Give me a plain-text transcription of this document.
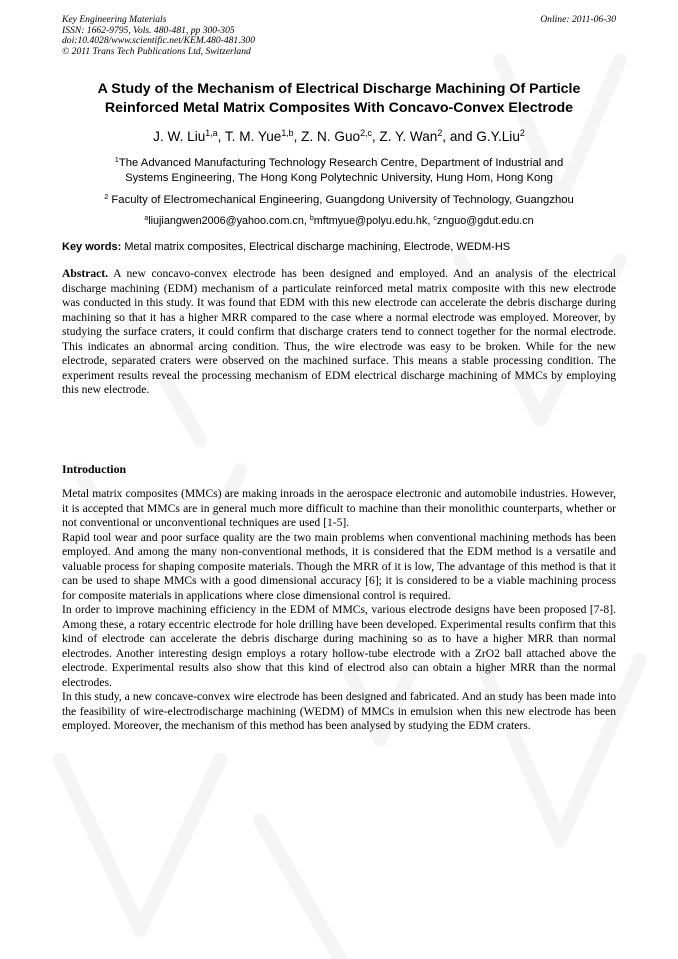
Key Engineering Materials
ISSN: 1662-9795, Vols. 480-481, pp 300-305
doi:10.4028/www.scientific.net/KEM.480-481.300
© 2011 Trans Tech Publications Ltd, Switzerland
Online: 2011-06-30
A Study of the Mechanism of Electrical Discharge Machining Of Particle
Reinforced Metal Matrix Composites With Concavo-Convex Electrode
J. W. Liu$^{1,a}$, T. M. Yue$^{1,b}$, Z. N. Guo$^{2,c}$, Z. Y. Wan$^2$, and G.Y.Liu$^2$
$^1$The Advanced Manufacturing Technology Research Centre, Department of Industrial and
Systems Engineering, The Hong Kong Polytechnic University, Hung Hom, Hong Kong
$^2$ Faculty of Electromechanical Engineering, Guangdong University of Technology, Guangzhou
$^a$liujiangwen2006@yahoo.com.cn, $^b$mftmyue@polyu.edu.hk, $^c$znguo@gdut.edu.cn
Key words: Metal matrix composites, Electrical discharge machining, Electrode, WEDM-HS

Abstract. A new concavo-convex electrode has been designed and employed. And an analysis of the electrical discharge machining (EDM) mechanism of a particulate reinforced metal matrix composite with this new electrode was conducted in this study. It was found that EDM with this new electrode can accelerate the debris discharge during machining so that it has a higher MRR compared to the case where a normal electrode was employed. Moreover, by studying the surface craters, it could confirm that discharge craters tend to connect together for the normal electrode. This indicates an abnormal arcing condition. Thus, the wire electrode was easy to be broken. While for the new electrode, separated craters were observed on the machined surface. This means a stable processing condition. The experiment results reveal the processing mechanism of EDM electrical discharge machining of MMCs by employing this new electrode.

Introduction

Metal matrix composites (MMCs) are making inroads in the aerospace electronic and automobile industries. However, it is accepted that MMCs are in general much more difficult to machine than their monolithic counterparts, whether or not conventional or unconventional techniques are used [1-5].

Rapid tool wear and poor surface quality are the two main problems when conventional machining methods has been employed. And among the many non-conventional methods, it is considered that the EDM method is a versatile and valuable process for shaping composite materials. Though the MRR of it is low, The advantage of this method is that it can be used to shape MMCs with a good dimensional accuracy [6]; it is considered to be a viable machining process for composite materials in applications where close dimensional control is required.

In order to improve machining efficiency in the EDM of MMCs, various electrode designs have been proposed [7-8]. Among these, a rotary eccentric electrode for hole drilling have been developed. Experimental results confirm that this kind of electrode can accelerate the debris discharge during machining so as to have a higher MRR than normal electrodes. Another interesting design employs a rotary hollow-tube electrode with a ZrO2 ball attached above the electrode. Experimental results also show that this kind of electrod also can obtain a higher MRR than the normal electrodes.

In this study, a new concave-convex wire electrode has been designed and fabricated. And an study has been made into the feasibility of wire-electrodischarge machining (WEDM) of MMCs in emulsion when this new electrode has been employed. Moreover, the mechanism of this method has been analysed by studying the EDM craters.
